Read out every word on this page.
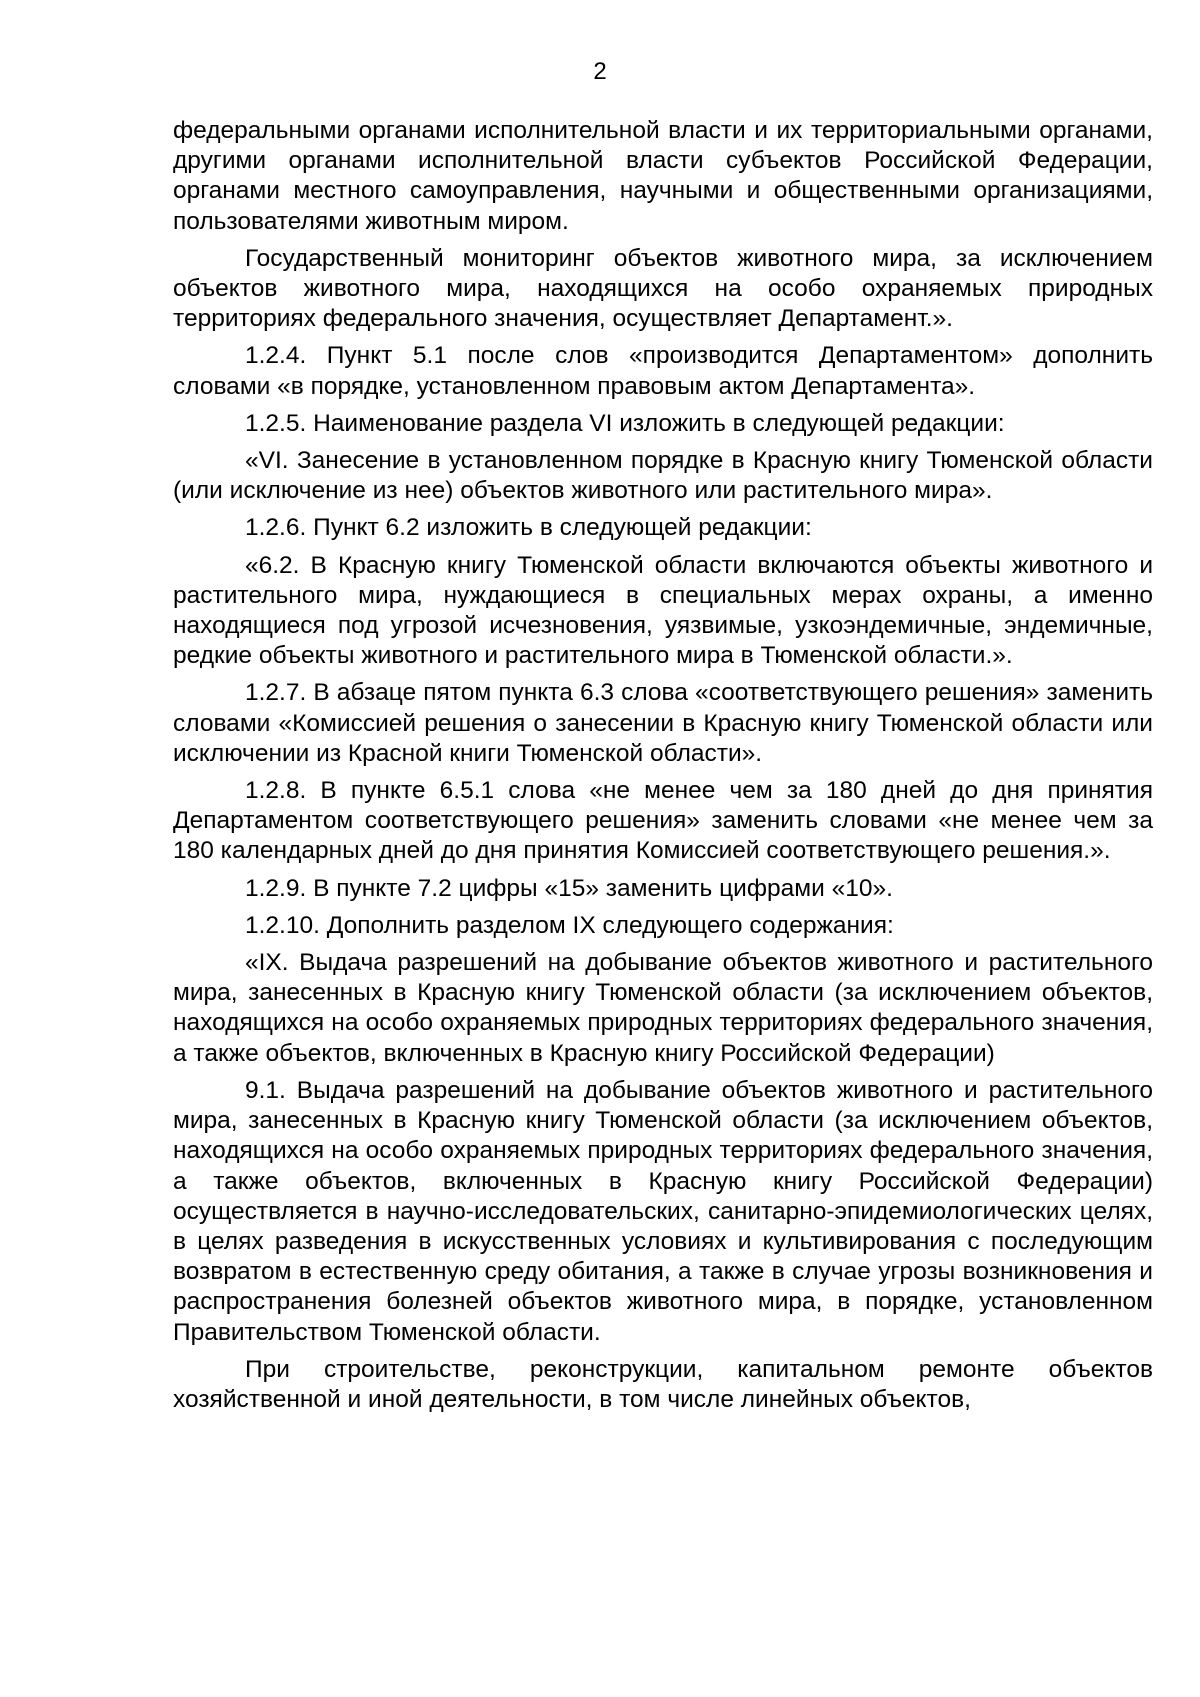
2

федеральными органами исполнительной власти и их территориальными органами, другими органами исполнительной власти субъектов Российской Федерации, органами местного самоуправления, научными и общественными организациями, пользователями животным миром.

Государственный мониторинг объектов животного мира, за исключением объектов животного мира, находящихся на особо охраняемых природных территориях федерального значения, осуществляет Департамент.».

1.2.4. Пункт 5.1 после слов «производится Департаментом» дополнить словами «в порядке, установленном правовым актом Департамента».

1.2.5. Наименование раздела VI изложить в следующей редакции:

«VI. Занесение в установленном порядке в Красную книгу Тюменской области (или исключение из нее) объектов животного или растительного мира».

1.2.6. Пункт 6.2 изложить в следующей редакции:

«6.2. В Красную книгу Тюменской области включаются объекты животного и растительного мира, нуждающиеся в специальных мерах охраны, а именно находящиеся под угрозой исчезновения, уязвимые, узкоэндемичные, эндемичные, редкие объекты животного и растительного мира в Тюменской области.».

1.2.7. В абзаце пятом пункта 6.3 слова «соответствующего решения» заменить словами «Комиссией решения о занесении в Красную книгу Тюменской области или исключении из Красной книги Тюменской области».

1.2.8. В пункте 6.5.1 слова «не менее чем за 180 дней до дня принятия Департаментом соответствующего решения» заменить словами «не менее чем за 180 календарных дней до дня принятия Комиссией соответствующего решения.».

1.2.9. В пункте 7.2 цифры «15» заменить цифрами «10».

1.2.10. Дополнить разделом IX следующего содержания:

«IX. Выдача разрешений на добывание объектов животного и растительного мира, занесенных в Красную книгу Тюменской области (за исключением объектов, находящихся на особо охраняемых природных территориях федерального значения, а также объектов, включенных в Красную книгу Российской Федерации)

9.1. Выдача разрешений на добывание объектов животного и растительного мира, занесенных в Красную книгу Тюменской области (за исключением объектов, находящихся на особо охраняемых природных территориях федерального значения, а также объектов, включенных в Красную книгу Российской Федерации) осуществляется в научно-исследовательских, санитарно-эпидемиологических целях, в целях разведения в искусственных условиях и культивирования с последующим возвратом в естественную среду обитания, а также в случае угрозы возникновения и распространения болезней объектов животного мира, в порядке, установленном Правительством Тюменской области.

При строительстве, реконструкции, капитальном ремонте объектов хозяйственной и иной деятельности, в том числе линейных объектов,
